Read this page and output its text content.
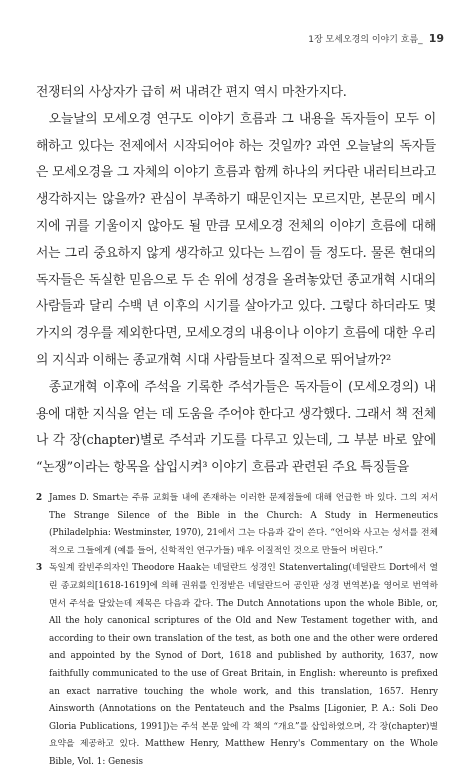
1장 모세오경의 이야기 흐름_ 19

전쟁터의 사상자가 급히 써 내려간 편지 역시 마찬가지다.

오늘날의 모세오경 연구도 이야기 흐름과 그 내용을 독자들이 모두 이해하고 있다는 전제에서 시작되어야 하는 것일까? 과연 오늘날의 독자들은 모세오경을 그 자체의 이야기 흐름과 함께 하나의 커다란 내러티브라고 생각하지는 않을까? 관심이 부족하기 때문인지는 모르지만, 본문의 메시지에 귀를 기울이지 않아도 될 만큼 모세오경 전체의 이야기 흐름에 대해서는 그리 중요하지 않게 생각하고 있다는 느낌이 들 정도다. 물론 현대의 독자들은 독실한 믿음으로 두 손 위에 성경을 올려놓았던 종교개혁 시대의 사람들과 달리 수백 년 이후의 시기를 살아가고 있다. 그렇다 하더라도 몇 가지의 경우를 제외한다면, 모세오경의 내용이나 이야기 흐름에 대한 우리의 지식과 이해는 종교개혁 시대 사람들보다 질적으로 뛰어날까?²

종교개혁 이후에 주석을 기록한 주석가들은 독자들이 (모세오경의) 내용에 대한 지식을 얻는 데 도움을 주어야 한다고 생각했다. 그래서 책 전체나 각 장(chapter)별로 주석과 기도를 다루고 있는데, 그 부분 바로 앞에 “논쟁”이라는 항목을 삽입시켜³ 이야기 흐름과 관련된 주요 특징들을

2 James D. Smart는 주류 교회들 내에 존재하는 이러한 문제점들에 대해 언급한 바 있다. 그의 저서 The Strange Silence of the Bible in the Church: A Study in Hermeneutics (Philadelphia: Westminster, 1970), 21에서 그는 다음과 같이 쓴다. “언어와 사고는 성서를 전체적으로 그들에게 (예를 들어, 신학적인 연구가들) 매우 이질적인 것으로 만들어 버린다.”
3 독일계 칼빈주의자인 Theodore Haak는 네덜란드 성경인 Statenvertaling(네덜란드 Dort에서 열린 종교회의[1618-1619]에 의해 권위를 인정받은 네덜란드어 공인판 성경 번역본)을 영어로 번역하면서 주석을 달았는데 제목은 다음과 같다. The Dutch Annotations upon the whole Bible, or, All the holy canonical scriptures of the Old and New Testament together with, and according to their own translation of the test, as both one and the other were ordered and appointed by the Synod of Dort, 1618 and published by authority, 1637, now faithfully communicated to the use of Great Britain, in English: whereunto is prefixed an exact narrative touching the whole work, and this translation, 1657. Henry Ainsworth (Annotations on the Pentateuch and the Psalms [Ligonier, P. A.: Soli Deo Gloria Publications, 1991])는 주석 본문 앞에 각 책의 “개요”를 삽입하였으며, 각 장(chapter)별 요약을 제공하고 있다. Matthew Henry, Matthew Henry's Commentary on the Whole Bible, Vol. 1: Genesis
